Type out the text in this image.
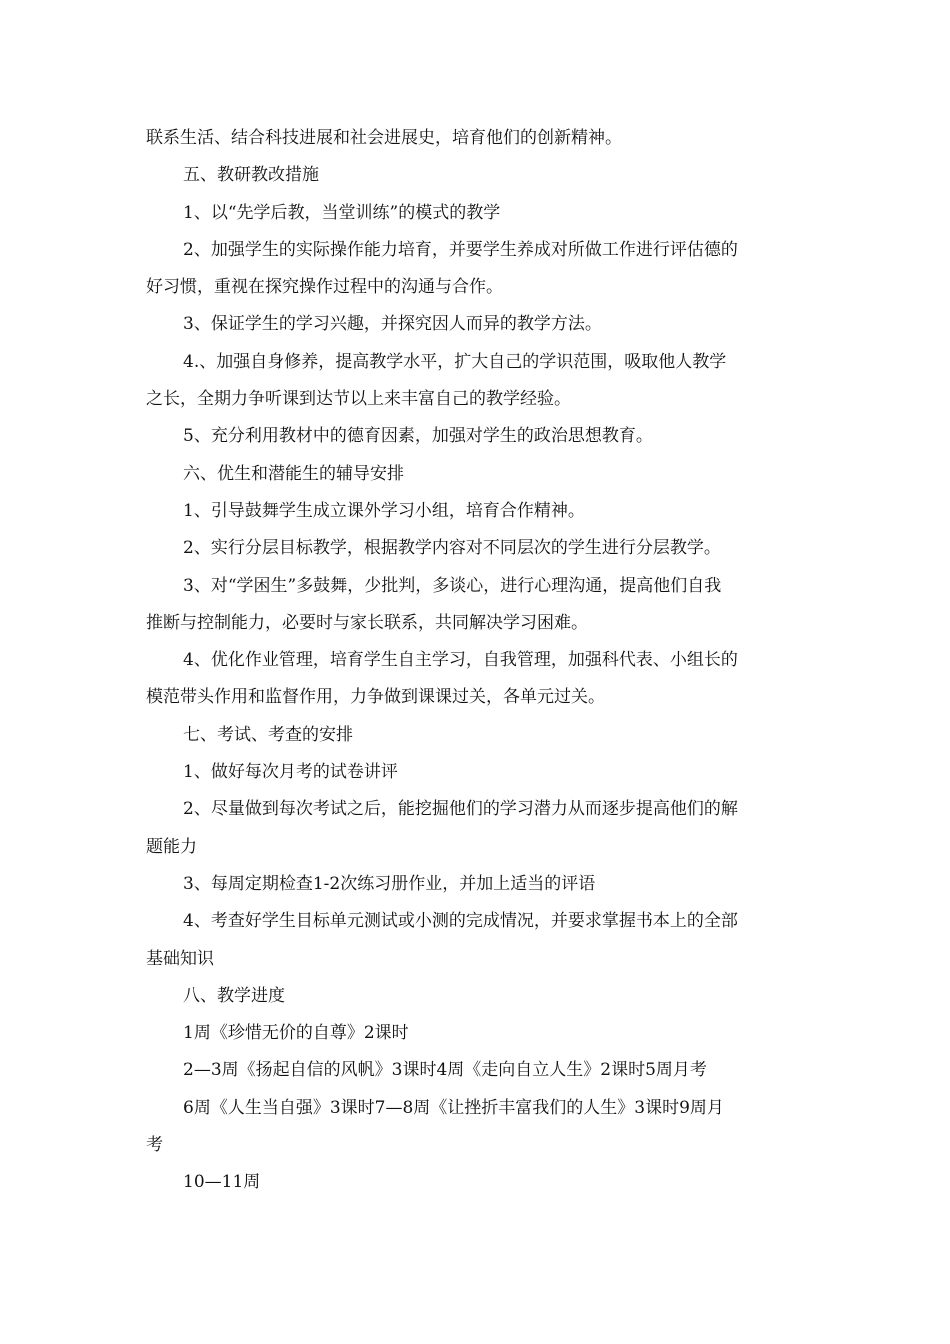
联系生活、结合科技进展和社会进展史，培育他们的创新精神。
五、教研教改措施
1、以“先学后教，当堂训练”的模式的教学
2、加强学生的实际操作能力培育，并要学生养成对所做工作进行评估德的
好习惯，重视在探究操作过程中的沟通与合作。
3、保证学生的学习兴趣，并探究因人而异的教学方法。
4.、加强自身修养，提高教学水平，扩大自己的学识范围，吸取他人教学
之长，全期力争听课到达节以上来丰富自己的教学经验。
5、充分利用教材中的德育因素，加强对学生的政治思想教育。
六、优生和潜能生的辅导安排
1、引导鼓舞学生成立课外学习小组，培育合作精神。
2、实行分层目标教学，根据教学内容对不同层次的学生进行分层教学。
3、对“学困生”多鼓舞，少批判，多谈心，进行心理沟通，提高他们自我
推断与控制能力，必要时与家长联系，共同解决学习困难。
4、优化作业管理，培育学生自主学习，自我管理，加强科代表、小组长的
模范带头作用和监督作用，力争做到课课过关，各单元过关。
七、考试、考查的安排
1、做好每次月考的试卷讲评
2、尽量做到每次考试之后，能挖掘他们的学习潜力从而逐步提高他们的解
题能力
3、每周定期检查1-2次练习册作业，并加上适当的评语
4、考查好学生目标单元测试或小测的完成情况，并要求掌握书本上的全部
基础知识
八、教学进度
1周《珍惜无价的自尊》2课时
2—3周《扬起自信的风帆》3课时4周《走向自立人生》2课时5周月考
6周《人生当自强》3课时7—8周《让挫折丰富我们的人生》3课时9周月
考
10—11周
